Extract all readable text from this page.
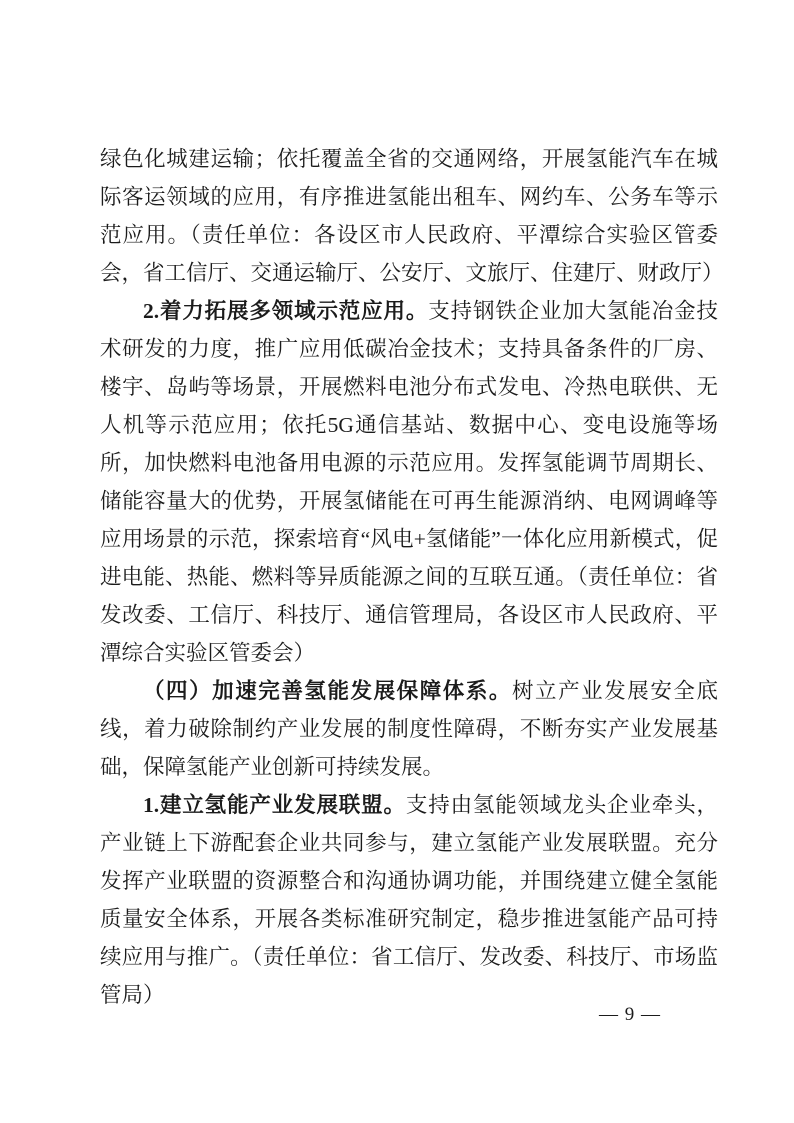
绿色化城建运输；依托覆盖全省的交通网络，开展氢能汽车在城际客运领域的应用，有序推进氢能出租车、网约车、公务车等示范应用。（责任单位：各设区市人民政府、平潭综合实验区管委会，省工信厅、交通运输厅、公安厅、文旅厅、住建厅、财政厅）

2.着力拓展多领域示范应用。支持钢铁企业加大氢能冶金技术研发的力度，推广应用低碳冶金技术；支持具备条件的厂房、楼宇、岛屿等场景，开展燃料电池分布式发电、冷热电联供、无人机等示范应用；依托5G通信基站、数据中心、变电设施等场所，加快燃料电池备用电源的示范应用。发挥氢能调节周期长、储能容量大的优势，开展氢储能在可再生能源消纳、电网调峰等应用场景的示范，探索培育“风电+氢储能”一体化应用新模式，促进电能、热能、燃料等异质能源之间的互联互通。（责任单位：省发改委、工信厅、科技厅、通信管理局，各设区市人民政府、平潭综合实验区管委会）

（四）加速完善氢能发展保障体系。树立产业发展安全底线，着力破除制约产业发展的制度性障碍，不断夯实产业发展基础，保障氢能产业创新可持续发展。

1.建立氢能产业发展联盟。支持由氢能领域龙头企业牵头，产业链上下游配套企业共同参与，建立氢能产业发展联盟。充分发挥产业联盟的资源整合和沟通协调功能，并围绕建立健全氢能质量安全体系，开展各类标准研究制定，稳步推进氢能产品可持续应用与推广。（责任单位：省工信厅、发改委、科技厅、市场监管局）

— 9 —
